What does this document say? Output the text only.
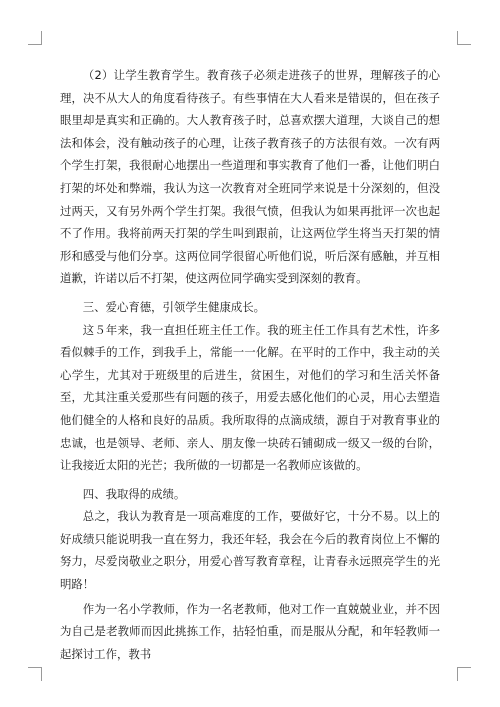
（2）让学生教育学生。教育孩子必须走进孩子的世界，理解孩子的心理，决不从大人的角度看待孩子。有些事情在大人看来是错误的，但在孩子眼里却是真实和正确的。大人教育孩子时，总喜欢摆大道理，大谈自己的想法和体会，没有触动孩子的心理，让孩子教育孩子的方法很有效。一次有两个学生打架，我很耐心地摆出一些道理和事实教育了他们一番，让他们明白打架的坏处和弊端，我认为这一次教育对全班同学来说是十分深刻的，但没过两天，又有另外两个学生打架。我很气愤，但我认为如果再批评一次也起不了作用。我将前两天打架的学生叫到跟前，让这两位学生将当天打架的情形和感受与他们分享。这两位同学很留心听他们说，听后深有感触，并互相道歉，许诺以后不打架，使这两位同学确实受到深刻的教育。

三、爱心育德，引领学生健康成长。

这５年来，我一直担任班主任工作。我的班主任工作具有艺术性，许多看似棘手的工作，到我手上，常能一一化解。在平时的工作中，我主动的关心学生，尤其对于班级里的后进生，贫困生，对他们的学习和生活关怀备至，尤其注重关爱那些有问题的孩子，用爱去感化他们的心灵，用心去塑造他们健全的人格和良好的品质。我所取得的点滴成绩，源自于对教育事业的忠诚，也是领导、老师、亲人、朋友像一块砖石铺砌成一级又一级的台阶，让我接近太阳的光芒；我所做的一切都是一名教师应该做的。

四、我取得的成绩。

总之，我认为教育是一项高难度的工作，要做好它，十分不易。以上的好成绩只能说明我一直在努力，我还年轻，我会在今后的教育岗位上不懈的努力，尽爱岗敬业之职分，用爱心普写教育章程，让青春永远照亮学生的光明路！

作为一名小学教师，作为一名老教师，他对工作一直兢兢业业，并不因为自己是老教师而因此挑拣工作，拈轻怕重，而是服从分配，和年轻教师一起探讨工作，教书
